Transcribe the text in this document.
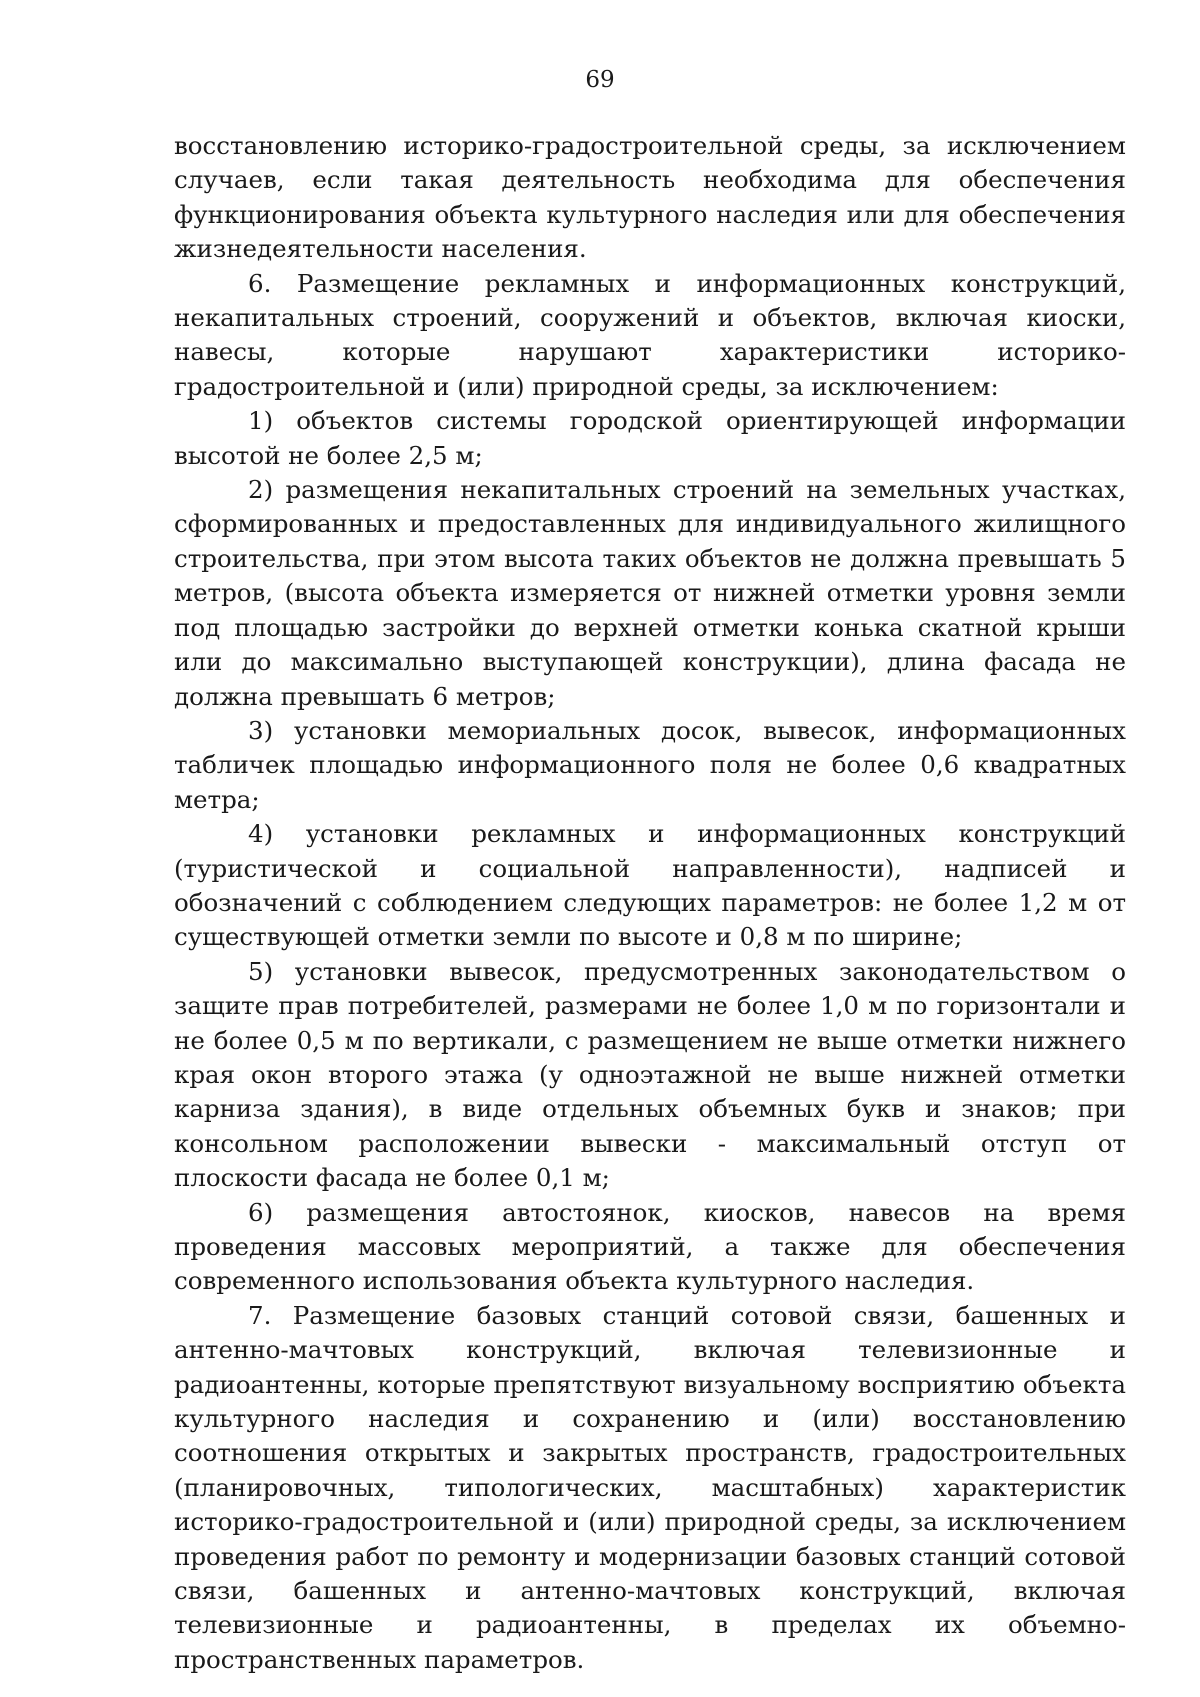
69

восстановлению историко-градостроительной среды, за исключением случаев, если такая деятельность необходима для обеспечения функционирования объекта культурного наследия или для обеспечения жизнедеятельности населения.

6. Размещение рекламных и информационных конструкций, некапитальных строений, сооружений и объектов, включая киоски, навесы, которые нарушают характеристики историко-градостроительной и (или) природной среды, за исключением:

1) объектов системы городской ориентирующей информации высотой не более 2,5 м;

2) размещения некапитальных строений на земельных участках, сформированных и предоставленных для индивидуального жилищного строительства, при этом высота таких объектов не должна превышать 5 метров, (высота объекта измеряется от нижней отметки уровня земли под площадью застройки до верхней отметки конька скатной крыши или до максимально выступающей конструкции), длина фасада не должна превышать 6 метров;

3) установки мемориальных досок, вывесок, информационных табличек площадью информационного поля не более 0,6 квадратных метра;

4) установки рекламных и информационных конструкций (туристической и социальной направленности), надписей и обозначений с соблюдением следующих параметров: не более 1,2 м от существующей отметки земли по высоте и 0,8 м по ширине;

5) установки вывесок, предусмотренных законодательством о защите прав потребителей, размерами не более 1,0 м по горизонтали и не более 0,5 м по вертикали, с размещением не выше отметки нижнего края окон второго этажа (у одноэтажной не выше нижней отметки карниза здания), в виде отдельных объемных букв и знаков; при консольном расположении вывески - максимальный отступ от плоскости фасада не более 0,1 м;

6) размещения автостоянок, киосков, навесов на время проведения массовых мероприятий, а также для обеспечения современного использования объекта культурного наследия.

7. Размещение базовых станций сотовой связи, башенных и антенно-мачтовых конструкций, включая телевизионные и радиоантенны, которые препятствуют визуальному восприятию объекта культурного наследия и сохранению и (или) восстановлению соотношения открытых и закрытых пространств, градостроительных (планировочных, типологических, масштабных) характеристик историко-градостроительной и (или) природной среды, за исключением проведения работ по ремонту и модернизации базовых станций сотовой связи, башенных и антенно-мачтовых конструкций, включая телевизионные и радиоантенны, в пределах их объемно-пространственных параметров.
